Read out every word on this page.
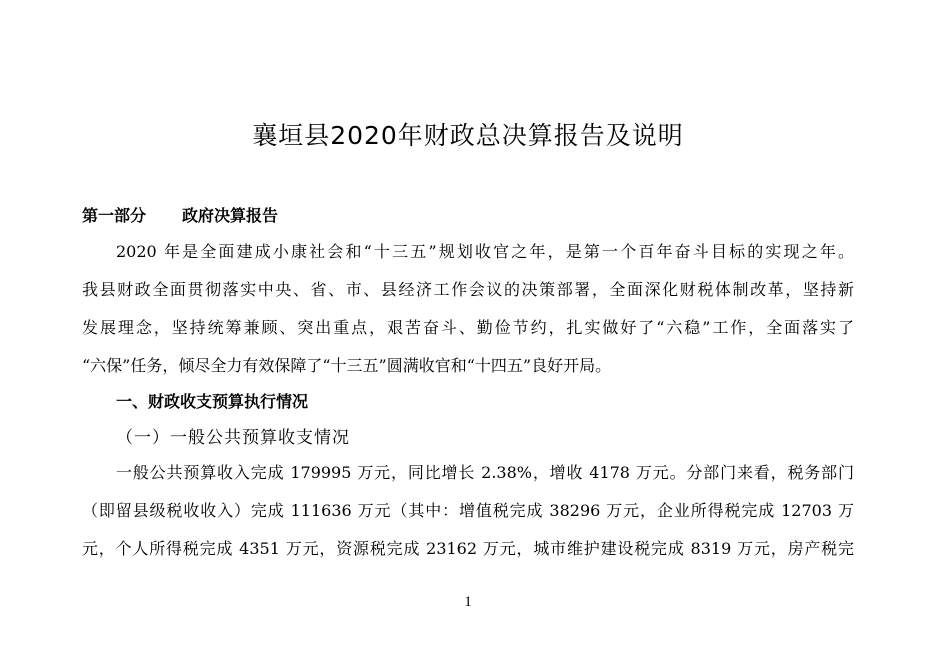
襄垣县2020年财政总决算报告及说明
第一部分 政府决算报告
2020 年是全面建成小康社会和“十三五”规划收官之年，是第一个百年奋斗目标的实现之年。
我县财政全面贯彻落实中央、省、市、县经济工作会议的决策部署，全面深化财税体制改革，坚持新
发展理念，坚持统筹兼顾、突出重点，艰苦奋斗、勤俭节约，扎实做好了“六稳”工作，全面落实了
“六保”任务，倾尽全力有效保障了“十三五”圆满收官和“十四五”良好开局。
一、财政收支预算执行情况
（一）一般公共预算收支情况
一般公共预算收入完成 179995 万元，同比增长 2.38%，增收 4178 万元。分部门来看，税务部门
（即留县级税收收入）完成 111636 万元（其中：增值税完成 38296 万元，企业所得税完成 12703 万
元，个人所得税完成 4351 万元，资源税完成 23162 万元，城市维护建设税完成 8319 万元，房产税完
1
